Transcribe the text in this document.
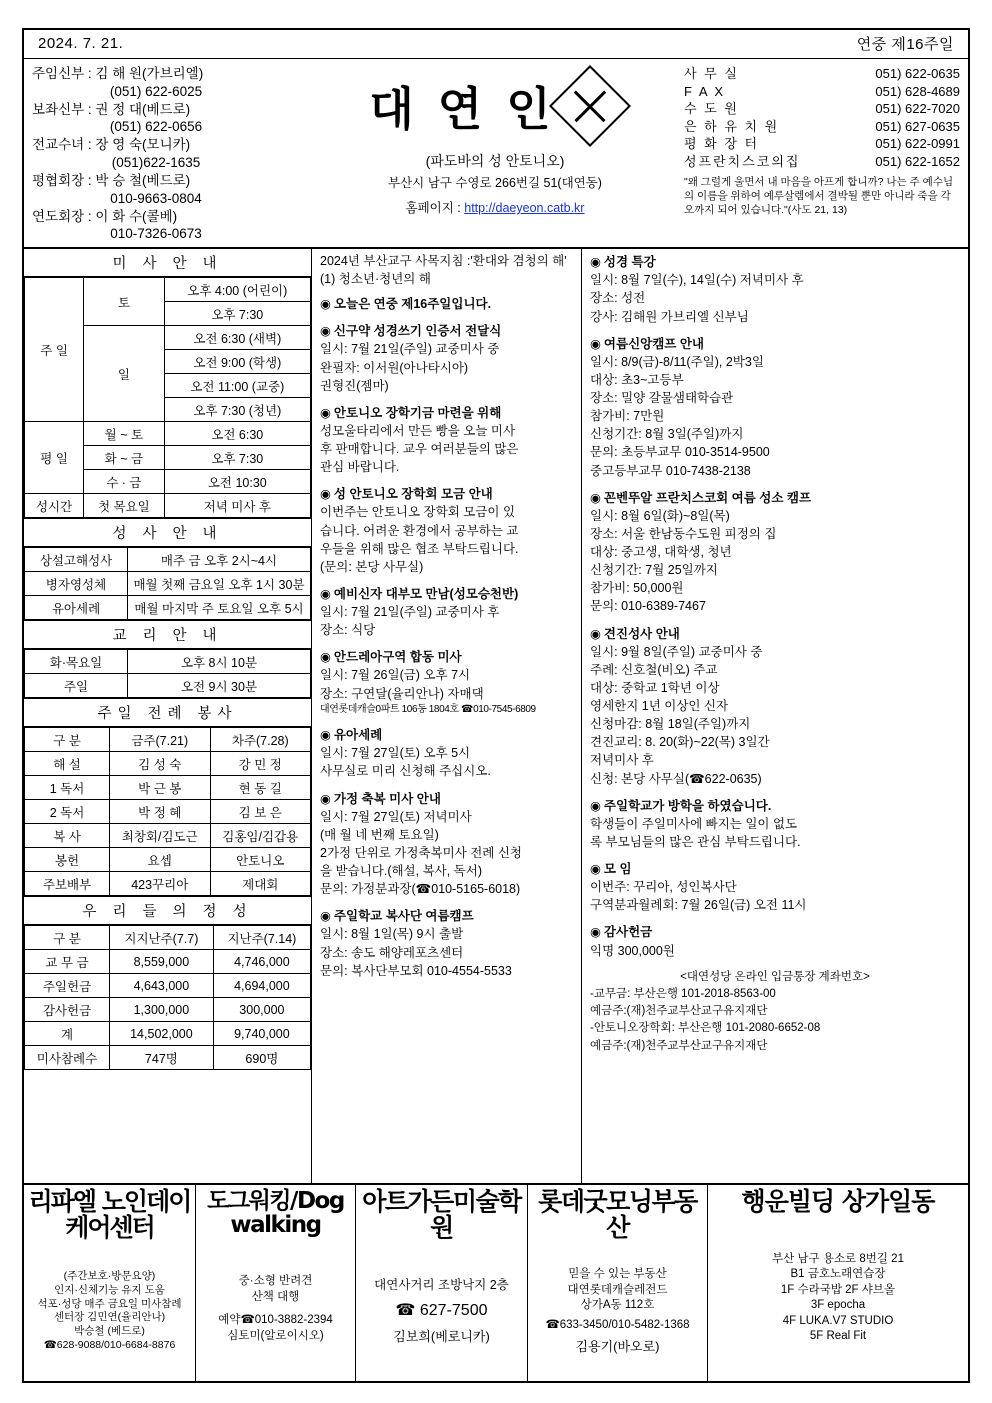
2024. 7. 21.	연중 제16주일
주임신부 : 김 해 원(가브리엘)
(051) 622-6025
보좌신부 : 권 정 대(베드로)
(051) 622-0656
전교수녀 : 장 영 숙(모니카)
(051)622-1635
평협회장 : 박 승 철(베드로)
010-9663-0804
연도회장 : 이 화 수(콜베)
010-7326-0673
대 연 인
(파도바의 성 안토니오)
부산시 남구 수영로 266번길 51(대연동)
홈페이지 : http://daeyeon.catb.kr
사 무 실	051) 622-0635
F A X	051) 628-4689
수 도 원	051) 622-7020
은 하 유 치 원	051) 627-0635
평 화 장 터	051) 622-0991
성프란치스코의집	051) 622-1652
"왜 그럴게 울면서 내 마음을 아프게 합니까? 나는 주 예수님의 이름을 위하여 예루살렘에서 결박될 뿐만 아니라 죽을 각오까지 되어 있습니다."(사도 21, 13)
미 사 안 내
주 일	토	오후 4:00 (어린이)
		오후 7:30
	일	오전 6:30 (새벽)
		오전 9:00 (학생)
		오전 11:00 (교중)
		오후 7:30 (청년)
평 일	월 ~ 토	오전 6:30
	화 ~ 금	오후 7:30
	수 · 금	오전 10:30
성시간	첫 목요일	저녁 미사 후
성 사 안 내
상설고해성사	매주 금 오후 2시~4시
병자영성체	매월 첫째 금요일 오후 1시 30분
유아세례	매월 마지막 주 토요일 오후 5시
교 리 안 내
화·목요일	오후 8시 10분
주일	오전 9시 30분
주일 전례 봉사
구 분	금주(7.21)	차주(7.28)
해 설	김 성 숙	강 민 정
1 독서	박 근 봉	현 동 길
2 독서	박 정 혜	김 보 은
복 사	최창회/김도근	김홍임/김갑용
봉헌	요셉	안토니오
주보배부	423꾸리아	제대회
우 리 들 의 정 성
구 분	지지난주(7.7)	지난주(7.14)
교 무 금	8,559,000	4,746,000
주일헌금	4,643,000	4,694,000
감사헌금	1,300,000	300,000
계	14,502,000	9,740,000
미사참례수	747명	690명
2024년 부산교구 사목지침 :'환대와 겸청의 해' (1) 청소년·청년의 해
◉ 오늘은 연중 제16주일입니다.
◉ 신구약 성경쓰기 인증서 전달식
일시: 7월 21일(주일) 교중미사 중
완필자: 이서원(아나타시아)
권형진(젬마)
◉ 안토니오 장학기금 마련을 위해
성모울타리에서 만든 빵을 오늘 미사
후 판매합니다. 교우 여러분들의 많은
관심 바랍니다.
◉ 성 안토니오 장학회 모금 안내
이번주는 안토니오 장학회 모금이 있
습니다. 어려운 환경에서 공부하는 교
우들을 위해 많은 협조 부탁드립니다.
(문의: 본당 사무실)
◉ 예비신자 대부모 만남(성모승천반)
일시: 7월 21일(주일) 교중미사 후
장소: 식당
◉ 안드레아구역 합동 미사
일시: 7월 26일(금) 오후 7시
장소: 구연달(율리안나) 자매댁
대연롯데캐슬0파트 106동 1804호 ☎010-7545-6809
◉ 유아세례
일시: 7월 27일(토) 오후 5시
사무실로 미리 신청해 주십시오.
◉ 가정 축복 미사 안내
일시: 7월 27일(토) 저녁미사
(매 월 네 번째 토요일)
2가정 단위로 가정축복미사 전례 신청
을 받습니다.(해설, 복사, 독서)
문의: 가정분과장(☎010-5165-6018)
◉ 주일학교 복사단 여름캠프
일시: 8월 1일(목) 9시 출발
장소: 송도 해양레포츠센터
문의: 복사단부모회 010-4554-5533
◉ 성경 특강
일시: 8월 7일(수), 14일(수) 저녁미사 후
장소: 성전
강사: 김해원 가브리엘 신부님
◉ 여름신앙캠프 안내
일시: 8/9(금)-8/11(주일), 2박3일
대상: 초3~고등부
장소: 밀양 갈물샘태학습관
참가비: 7만원
신청기간: 8월 3일(주일)까지
문의: 초등부교무 010-3514-9500
중고등부교무 010-7438-2138
◉ 꼰벤뚜알 프란치스코회 여름 성소 캠프
일시: 8월 6일(화)~8일(목)
장소: 서울 한남동수도원 피정의 집
대상: 중고생, 대학생, 청년
신청기간: 7월 25일까지
참가비: 50,000원
문의: 010-6389-7467
◉ 견진성사 안내
일시: 9월 8일(주일) 교중미사 중
주례: 신호철(비오) 주교
대상: 중학교 1학년 이상
영세한지 1년 이상인 신자
신청마감: 8월 18일(주일)까지
견진교리: 8. 20(화)~22(목) 3일간
저녁미사 후
신청: 본당 사무실(☎622-0635)
◉ 주일학교가 방학을 하였습니다.
학생들이 주일미사에 빠지는 일이 없도
록 부모님들의 많은 관심 부탁드립니다.
◉ 모 임
이번주: 꾸리아, 성인복사단
구역분과월례회: 7월 26일(금) 오전 11시
◉ 감사헌금
익명 300,000원
<대연성당 온라인 입금통장 계좌번호>
-교무금: 부산은행 101-2018-8563-00
예금주:(재)천주교부산교구유지재단
-안토니오장학회: 부산은행 101-2080-6652-08
예금주:(재)천주교부산교구유지재단
리파엘 노인데이케어센터
(주간보호·방문요양)
인지·신체기능 유지 도움
석포·성당 매주 금요일 미사참례
센터장 김민연(율리안나)
박승철 (베드로)
☎628-9088/010-6684-8876
도그워킹/Dog walking
중·소형 반려견
산책 대행
예약☎010-3882-2394
심토미(알로이시오)
아트가든미술학원
대연사거리 조방낙지 2층
☎ 627-7500
김보희(베로니카)
롯데굿모닝부동산
믿을 수 있는 부동산
대연롯데캐슬레전드
상가A동 112호
☎633-3450/010-5482-1368
김용기(바오로)
행운빌딩 상가일동
부산 남구 용소로 8번길 21
B1 금호노래연습장
1F 수라국밥 2F 샤브올
3F epocha
4F LUKA.V7 STUDIO
5F Real Fit
